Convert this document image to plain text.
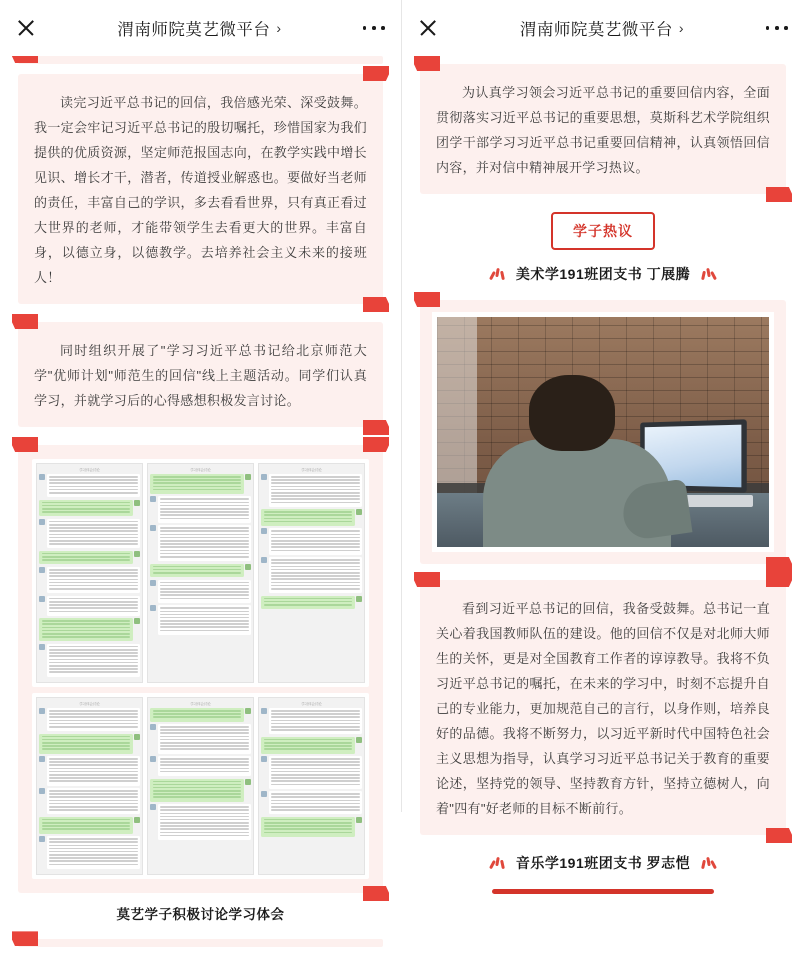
渭南师院莫艺微平台 ›

读完习近平总书记的回信，我倍感光荣、深受鼓舞。我一定会牢记习近平总书记的殷切嘱托，珍惜国家为我们提供的优质资源，坚定师范报国志向，在教学实践中增长见识、增长才干，潜者，传道授业解惑也。要做好当老师的责任，丰富自己的学识，多去看看世界，只有真正看过大世界的老师，才能带领学生去看更大的世界。丰富自身，以德立身，以德教学。去培养社会主义未来的接班人！

同时组织开展了"学习习近平总书记给北京师范大学"优师计划"师范生的回信"线上主题活动。同学们认真学习，并就学习后的心得感想积极发言讨论。

学习体会讨论	学习体会讨论	学习体会讨论
学习体会讨论	学习体会讨论	学习体会讨论
莫艺学子积极讨论学习体会
渭南师院莫艺微平台 ›

为认真学习领会习近平总书记的重要回信内容，全面贯彻落实习近平总书记的重要思想，莫斯科艺术学院组织团学干部学习习近平总书记重要回信精神，认真领悟回信内容，并对信中精神展开学习热议。

学子热议
美术学191班团支书 丁展腾

看到习近平总书记的回信，我备受鼓舞。总书记一直关心着我国教师队伍的建设。他的回信不仅是对北师大师生的关怀，更是对全国教育工作者的谆谆教导。我将不负习近平总书记的嘱托，在未来的学习中，时刻不忘提升自己的专业能力，更加规范自己的言行，以身作则，培养良好的品德。我将不断努力，以习近平新时代中国特色社会主义思想为指导，认真学习习近平总书记关于教育的重要论述，坚持党的领导、坚持教育方针，坚持立德树人，向着"四有"好老师的目标不断前行。

音乐学191班团支书 罗志恺
